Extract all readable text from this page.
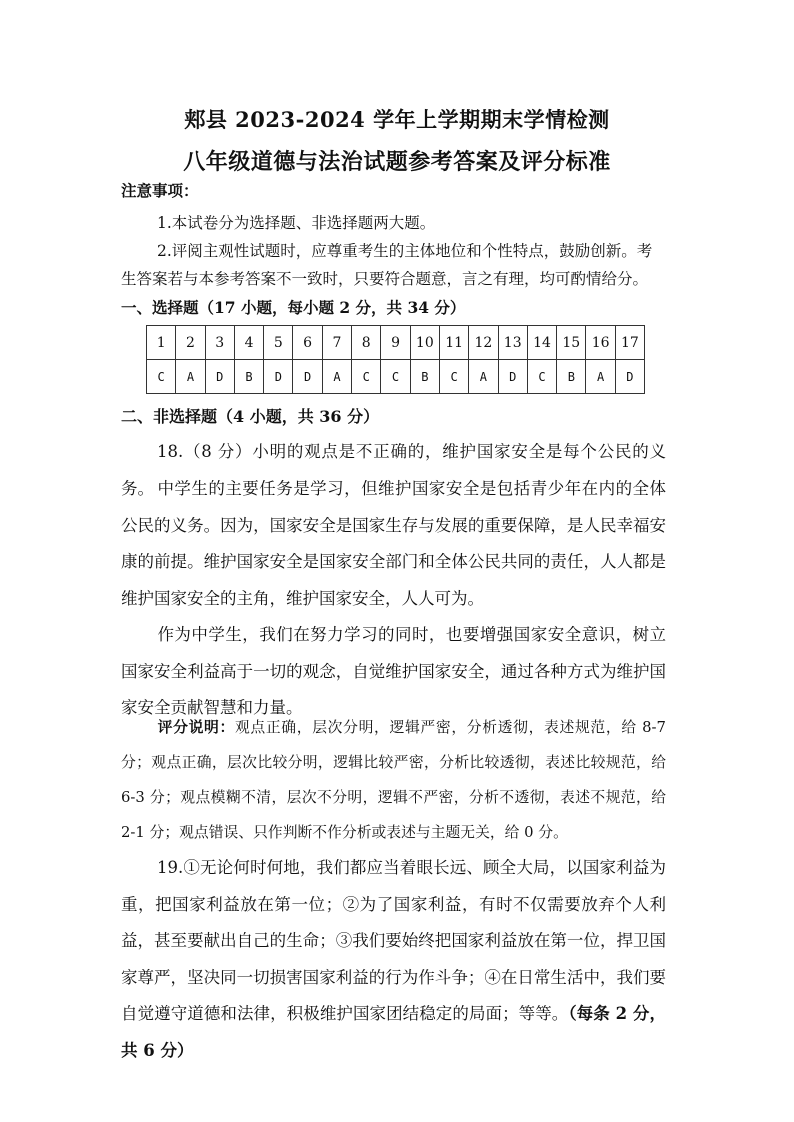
郏县 2023-2024 学年上学期期末学情检测
八年级道德与法治试题参考答案及评分标准
注意事项：
1.本试卷分为选择题、非选择题两大题。
2.评阅主观性试题时，应尊重考生的主体地位和个性特点，鼓励创新。考
生答案若与本参考答案不一致时，只要符合题意，言之有理，均可酌情给分。
一、选择题（17 小题，每小题 2 分，共 34 分）
1	2	3	4	5	6	7	8	9	10	11	12	13	14	15	16	17
C	A	D	B	D	D	A	C	C	B	C	A	D	C	B	A	D
二、非选择题（4 小题，共 36 分）
18.（8 分）小明的观点是不正确的，维护国家安全是每个公民的义务。 中学生的主要任务是学习，但维护国家安全是包括青少年在内的全体公民的义务。因为，国家安全是国家生存与发展的重要保障，是人民幸福安康的前提。维护国家安全是国家安全部门和全体公民共同的责任，人人都是维护国家安全的主角，维护国家安全，人人可为。
作为中学生，我们在努力学习的同时，也要增强国家安全意识，树立国家安全利益高于一切的观念，自觉维护国家安全，通过各种方式为维护国家安全贡献智慧和力量。
评分说明：观点正确，层次分明，逻辑严密，分析透彻，表述规范，给 8-7 分；观点正确，层次比较分明，逻辑比较严密，分析比较透彻，表述比较规范，给 6-3 分；观点模糊不清，层次不分明，逻辑不严密，分析不透彻，表述不规范，给 2-1 分；观点错误、只作判断不作分析或表述与主题无关，给 0 分。
19.①无论何时何地，我们都应当着眼长远、顾全大局，以国家利益为重，把国家利益放在第一位；②为了国家利益，有时不仅需要放弃个人利益，甚至要献出自己的生命；③我们要始终把国家利益放在第一位，捍卫国家尊严，坚决同一切损害国家利益的行为作斗争；④在日常生活中，我们要自觉遵守道德和法律，积极维护国家团结稳定的局面；等等。（每条 2 分，共 6 分）
